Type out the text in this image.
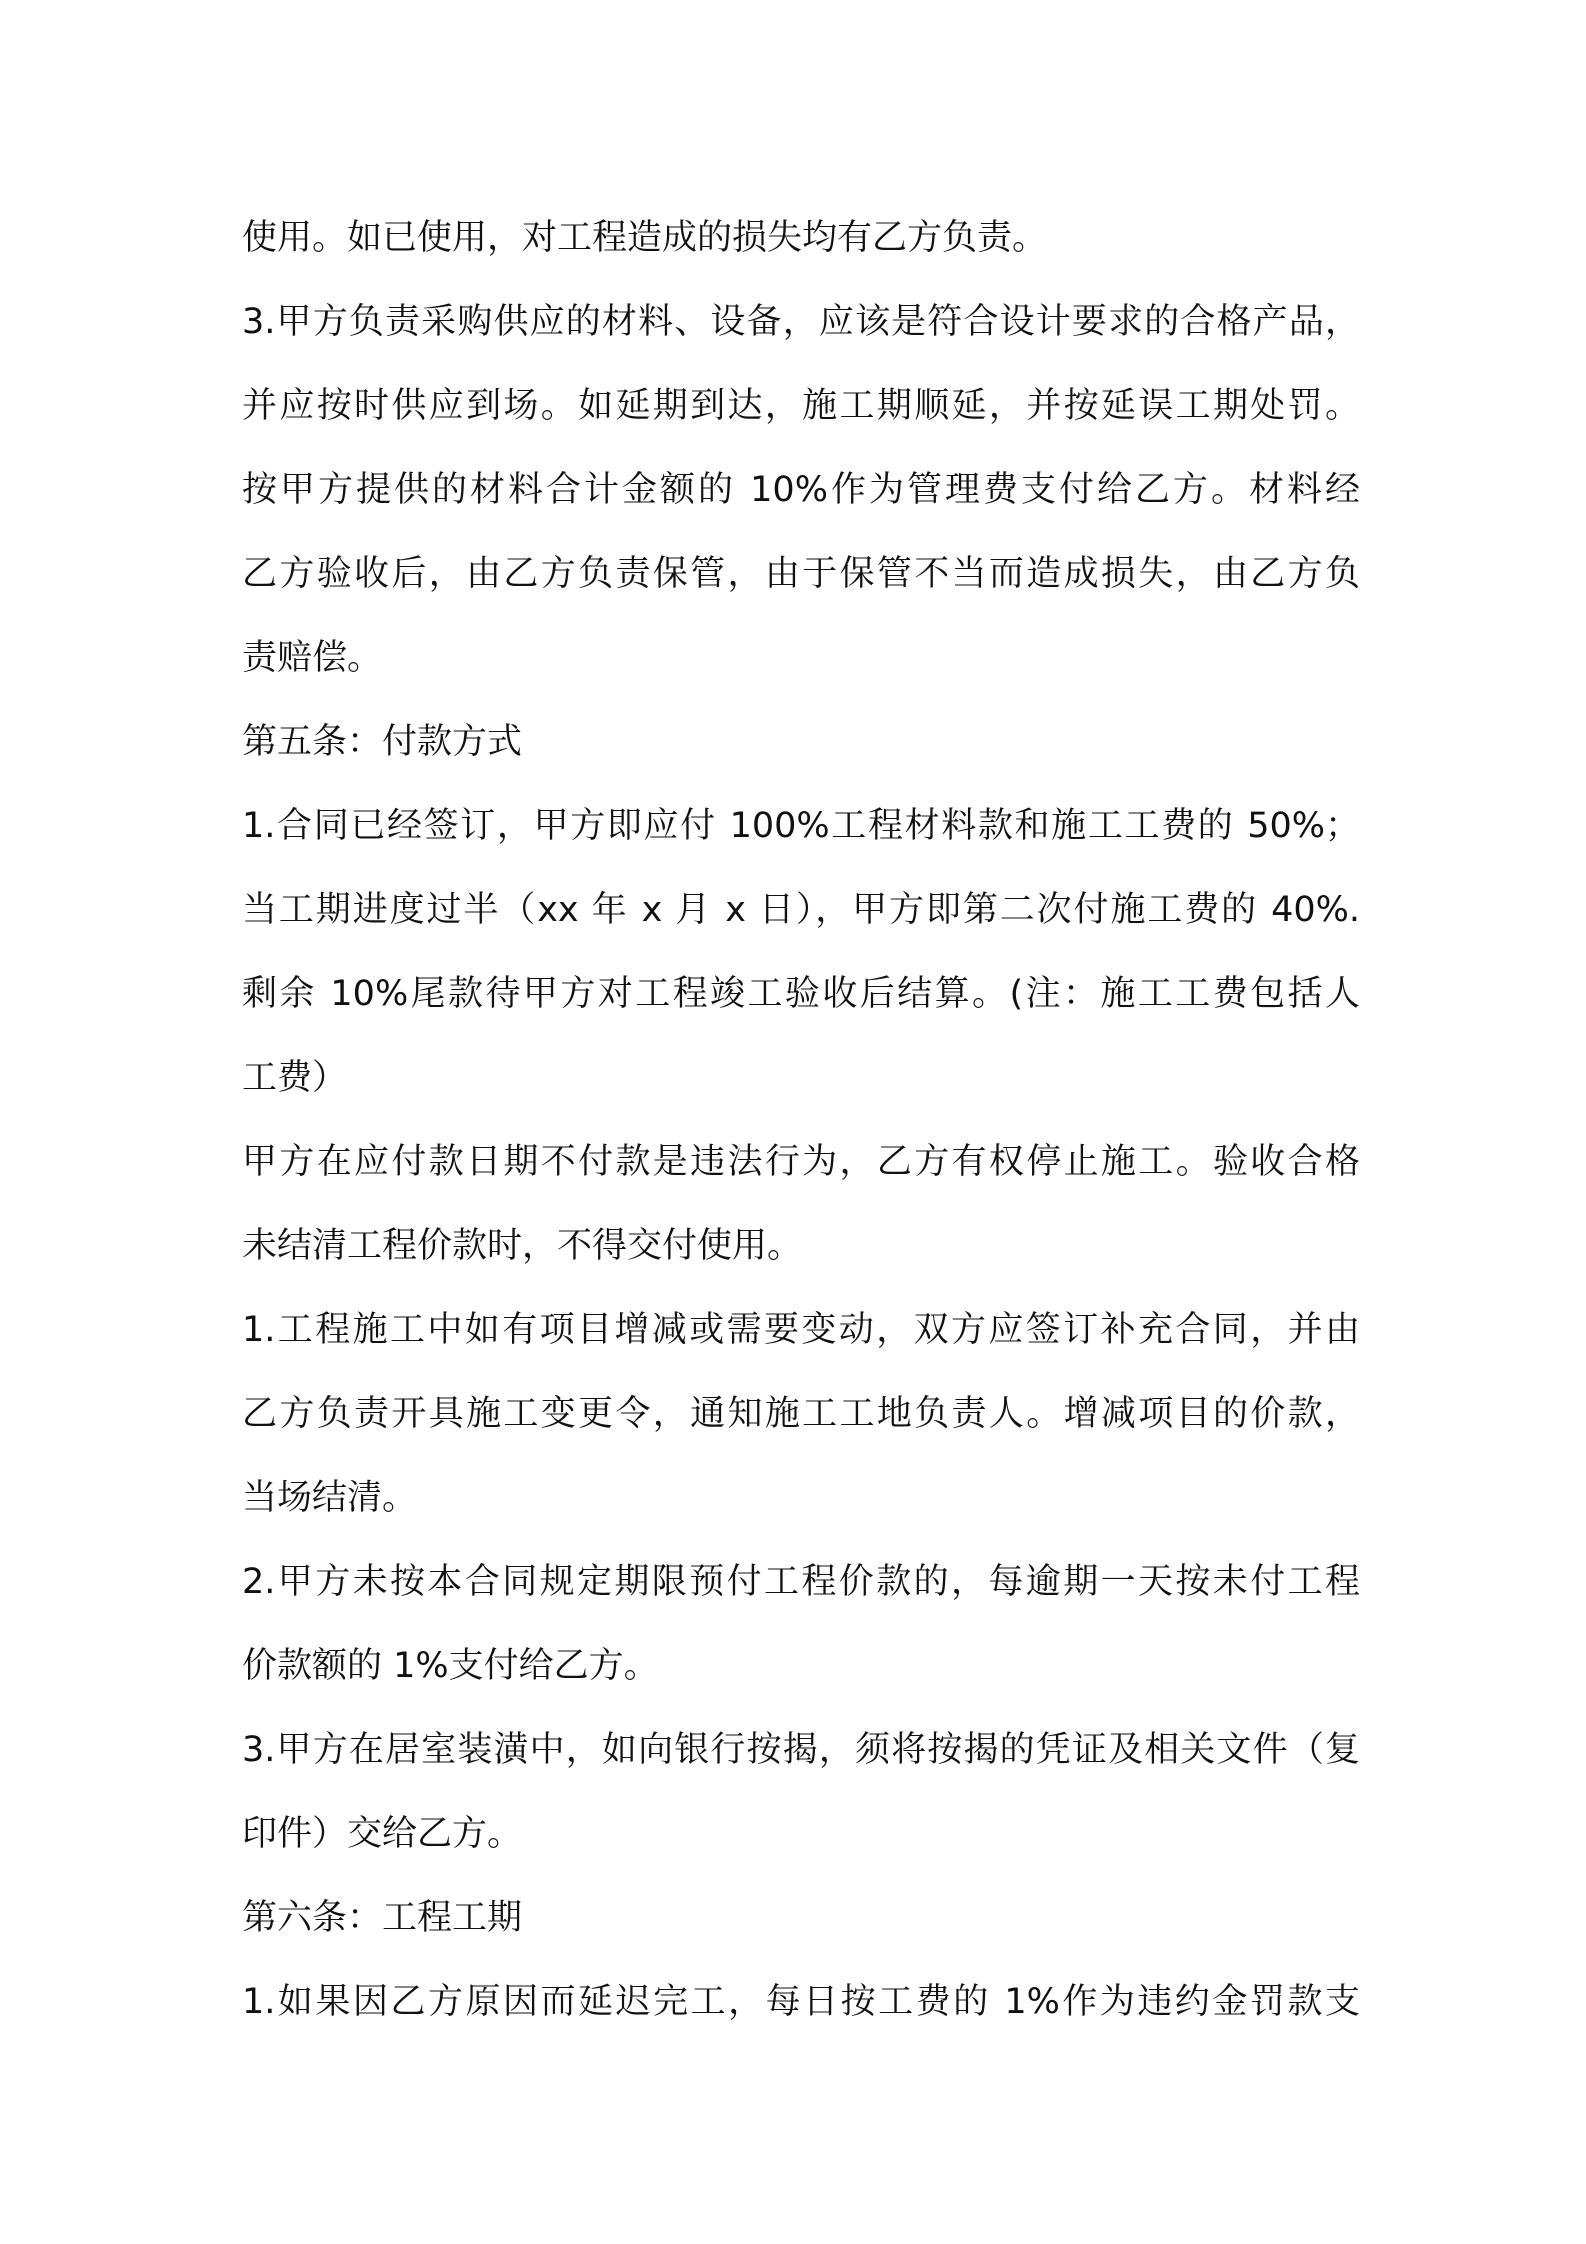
使用。如已使用，对工程造成的损失均有乙方负责。
3.甲方负责采购供应的材料、设备，应该是符合设计要求的合格产品，
并应按时供应到场。如延期到达，施工期顺延，并按延误工期处罚。
按甲方提供的材料合计金额的 10%作为管理费支付给乙方。材料经
乙方验收后，由乙方负责保管，由于保管不当而造成损失，由乙方负
责赔偿。
第五条：付款方式
1.合同已经签订，甲方即应付 100%工程材料款和施工工费的 50%；
当工期进度过半（xx 年 x 月 x 日），甲方即第二次付施工费的 40%.
剩余 10%尾款待甲方对工程竣工验收后结算。(注：施工工费包括人
工费）
甲方在应付款日期不付款是违法行为，乙方有权停止施工。验收合格
未结清工程价款时，不得交付使用。
1.工程施工中如有项目增减或需要变动，双方应签订补充合同，并由
乙方负责开具施工变更令，通知施工工地负责人。增减项目的价款，
当场结清。
2.甲方未按本合同规定期限预付工程价款的，每逾期一天按未付工程
价款额的 1%支付给乙方。
3.甲方在居室装潢中，如向银行按揭，须将按揭的凭证及相关文件（复
印件）交给乙方。
第六条：工程工期
1.如果因乙方原因而延迟完工，每日按工费的 1%作为违约金罚款支
